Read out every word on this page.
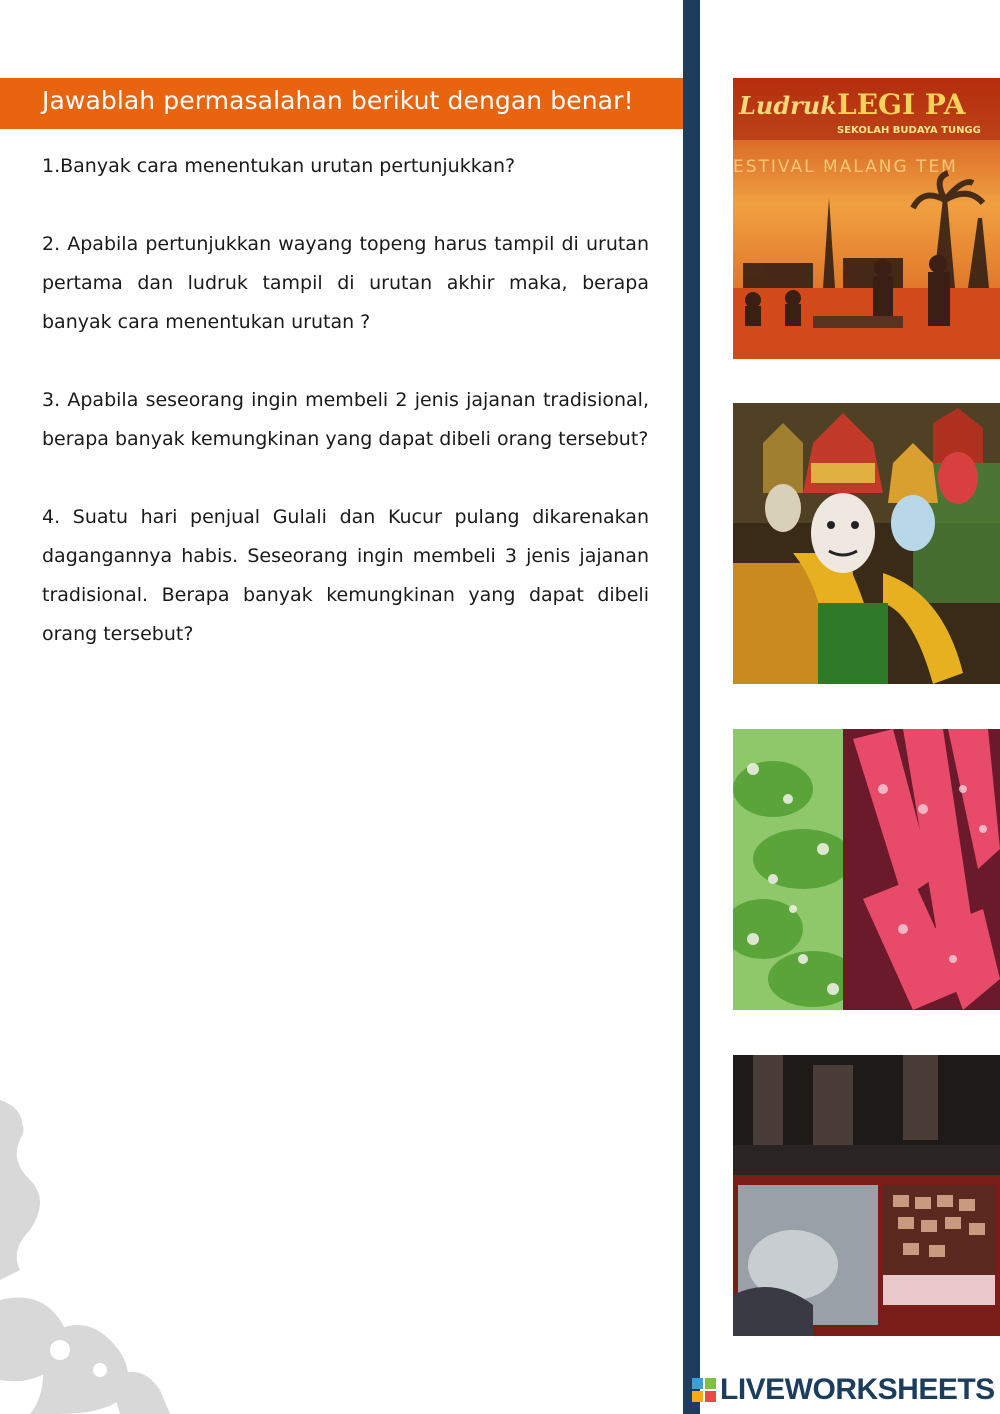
Jawablah permasalahan berikut dengan benar!

1.Banyak cara menentukan urutan pertunjukkan?

2. Apabila pertunjukkan wayang topeng harus tampil di urutan pertama dan ludruk tampil di urutan akhir maka, berapa banyak cara menentukan urutan ?

3. Apabila seseorang ingin membeli 2 jenis jajanan tradisional, berapa banyak kemungkinan yang dapat dibeli orang tersebut?

4. Suatu hari penjual Gulali dan Kucur pulang dikarenakan dagangannya habis. Seseorang ingin membeli 3 jenis jajanan tradisional. Berapa banyak kemungkinan yang dapat dibeli orang tersebut?

Ludruk LEGI PA
SEKOLAH BUDAYA TUNGG
ESTIVAL MALANG TEM
LIVEWORKSHEETS
